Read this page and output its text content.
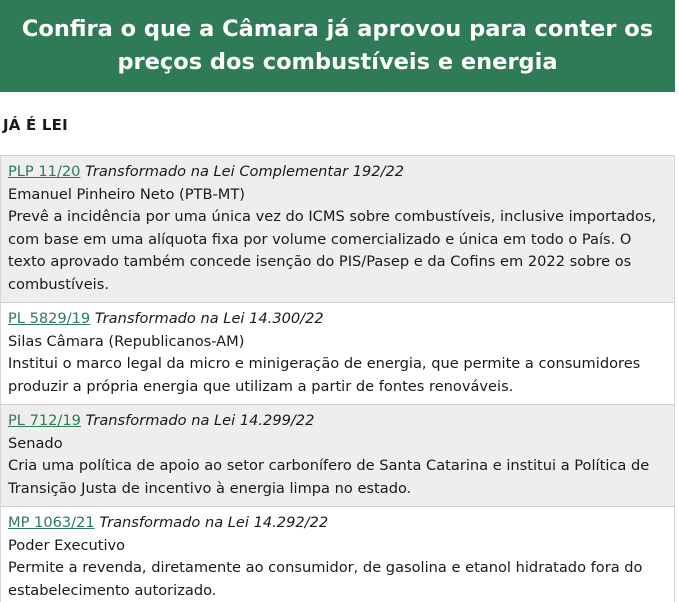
Confira o que a Câmara já aprovou para conter os preços dos combustíveis e energia
JÁ É LEI
PLP 11/20 Transformado na Lei Complementar 192/22
Emanuel Pinheiro Neto (PTB-MT)
Prevê a incidência por uma única vez do ICMS sobre combustíveis, inclusive importados, com base em uma alíquota fixa por volume comercializado e única em todo o País. O texto aprovado também concede isenção do PIS/Pasep e da Cofins em 2022 sobre os combustíveis.
PL 5829/19 Transformado na Lei 14.300/22
Silas Câmara (Republicanos-AM)
Institui o marco legal da micro e minigeração de energia, que permite a consumidores produzir a própria energia que utilizam a partir de fontes renováveis.
PL 712/19 Transformado na Lei 14.299/22
Senado
Cria uma política de apoio ao setor carbonífero de Santa Catarina e institui a Política de Transição Justa de incentivo à energia limpa no estado.
MP 1063/21 Transformado na Lei 14.292/22
Poder Executivo
Permite a revenda, diretamente ao consumidor, de gasolina e etanol hidratado fora do estabelecimento autorizado.
